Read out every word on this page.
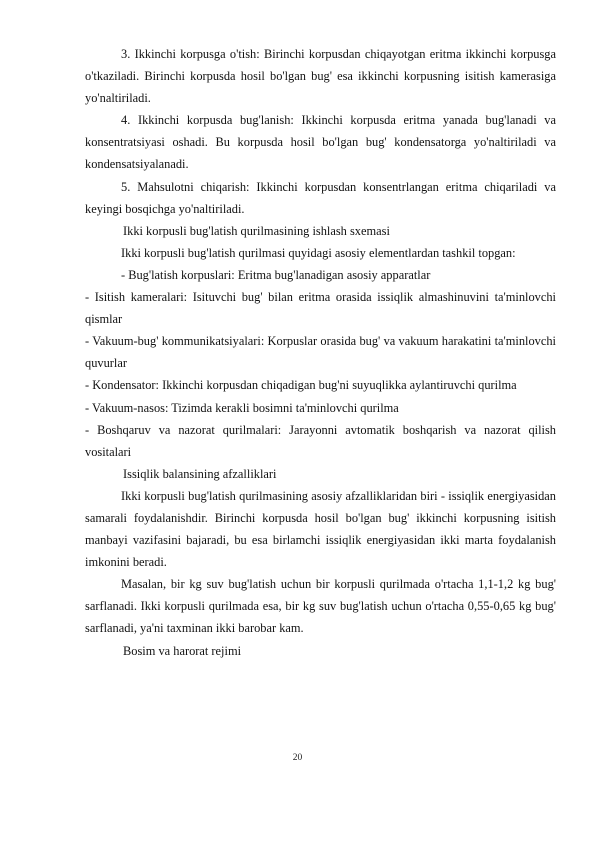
3. Ikkinchi korpusga o'tish: Birinchi korpusdan chiqayotgan eritma ikkinchi korpusga o'tkaziladi. Birinchi korpusda hosil bo'lgan bug' esa ikkinchi korpusning isitish kamerasiga yo'naltiriladi.

4. Ikkinchi korpusda bug'lanish: Ikkinchi korpusda eritma yanada bug'lanadi va konsentratsiyasi oshadi. Bu korpusda hosil bo'lgan bug' kondensatorga yo'naltiriladi va kondensatsiyalanadi.

5. Mahsulotni chiqarish: Ikkinchi korpusdan konsentrlangan eritma chiqariladi va keyingi bosqichga yo'naltiriladi.

Ikki korpusli bug'latish qurilmasining ishlash sxemasi

Ikki korpusli bug'latish qurilmasi quyidagi asosiy elementlardan tashkil topgan:

- Bug'latish korpuslari: Eritma bug'lanadigan asosiy apparatlar

- Isitish kameralari: Isituvchi bug' bilan eritma orasida issiqlik almashinuvini ta'minlovchi qismlar

- Vakuum-bug' kommunikatsiyalari: Korpuslar orasida bug' va vakuum harakatini ta'minlovchi quvurlar

- Kondensator: Ikkinchi korpusdan chiqadigan bug'ni suyuqlikka aylantiruvchi qurilma

- Vakuum-nasos: Tizimda kerakli bosimni ta'minlovchi qurilma

- Boshqaruv va nazorat qurilmalari: Jarayonni avtomatik boshqarish va nazorat qilish vositalari

Issiqlik balansining afzalliklari

Ikki korpusli bug'latish qurilmasining asosiy afzalliklaridan biri - issiqlik energiyasidan samarali foydalanishdir. Birinchi korpusda hosil bo'lgan bug' ikkinchi korpusning isitish manbayi vazifasini bajaradi, bu esa birlamchi issiqlik energiyasidan ikki marta foydalanish imkonini beradi.

Masalan, bir kg suv bug'latish uchun bir korpusli qurilmada o'rtacha 1,1-1,2 kg bug' sarflanadi. Ikki korpusli qurilmada esa, bir kg suv bug'latish uchun o'rtacha 0,55-0,65 kg bug' sarflanadi, ya'ni taxminan ikki barobar kam.

Bosim va harorat rejimi

20
